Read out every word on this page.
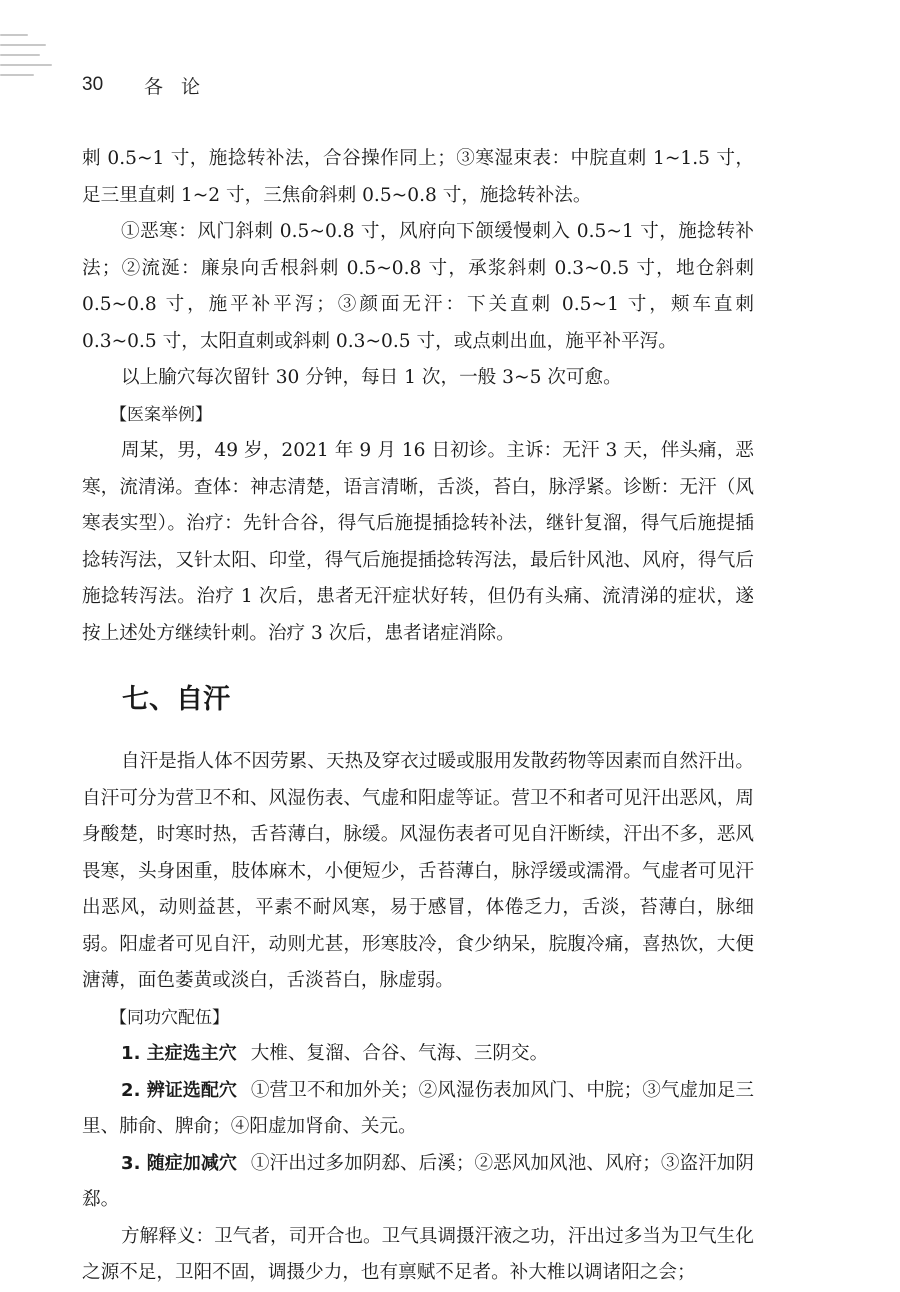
30	各论

刺 0.5~1 寸，施捻转补法，合谷操作同上；③寒湿束表：中脘直刺 1~1.5 寸，足三里直刺 1~2 寸，三焦俞斜刺 0.5~0.8 寸，施捻转补法。

①恶寒：风门斜刺 0.5~0.8 寸，风府向下颌缓慢刺入 0.5~1 寸，施捻转补法；②流涎：廉泉向舌根斜刺 0.5~0.8 寸，承浆斜刺 0.3~0.5 寸，地仓斜刺 0.5~0.8 寸，施平补平泻；③颜面无汗：下关直刺 0.5~1 寸，颊车直刺 0.3~0.5 寸，太阳直刺或斜刺 0.3~0.5 寸，或点刺出血，施平补平泻。

以上腧穴每次留针 30 分钟，每日 1 次，一般 3~5 次可愈。

【医案举例】

周某，男，49 岁，2021 年 9 月 16 日初诊。主诉：无汗 3 天，伴头痛，恶寒，流清涕。查体：神志清楚，语言清晰，舌淡，苔白，脉浮紧。诊断：无汗（风寒表实型）。治疗：先针合谷，得气后施提插捻转补法，继针复溜，得气后施提插捻转泻法，又针太阳、印堂，得气后施提插捻转泻法，最后针风池、风府，得气后施捻转泻法。治疗 1 次后，患者无汗症状好转，但仍有头痛、流清涕的症状，遂按上述处方继续针刺。治疗 3 次后，患者诸症消除。

七、自汗

自汗是指人体不因劳累、天热及穿衣过暖或服用发散药物等因素而自然汗出。自汗可分为营卫不和、风湿伤表、气虚和阳虚等证。营卫不和者可见汗出恶风，周身酸楚，时寒时热，舌苔薄白，脉缓。风湿伤表者可见自汗断续，汗出不多，恶风畏寒，头身困重，肢体麻木，小便短少，舌苔薄白，脉浮缓或濡滑。气虚者可见汗出恶风，动则益甚，平素不耐风寒，易于感冒，体倦乏力，舌淡，苔薄白，脉细弱。阳虚者可见自汗，动则尤甚，形寒肢冷，食少纳呆，脘腹冷痛，喜热饮，大便溏薄，面色萎黄或淡白，舌淡苔白，脉虚弱。

【同功穴配伍】

1. 主症选主穴 大椎、复溜、合谷、气海、三阴交。

2. 辨证选配穴 ①营卫不和加外关；②风湿伤表加风门、中脘；③气虚加足三里、肺俞、脾俞；④阳虚加肾俞、关元。

3. 随症加减穴 ①汗出过多加阴郄、后溪；②恶风加风池、风府；③盗汗加阴郄。

方解释义：卫气者，司开合也。卫气具调摄汗液之功，汗出过多当为卫气生化之源不足，卫阳不固，调摄少力，也有禀赋不足者。补大椎以调诸阳之会；
